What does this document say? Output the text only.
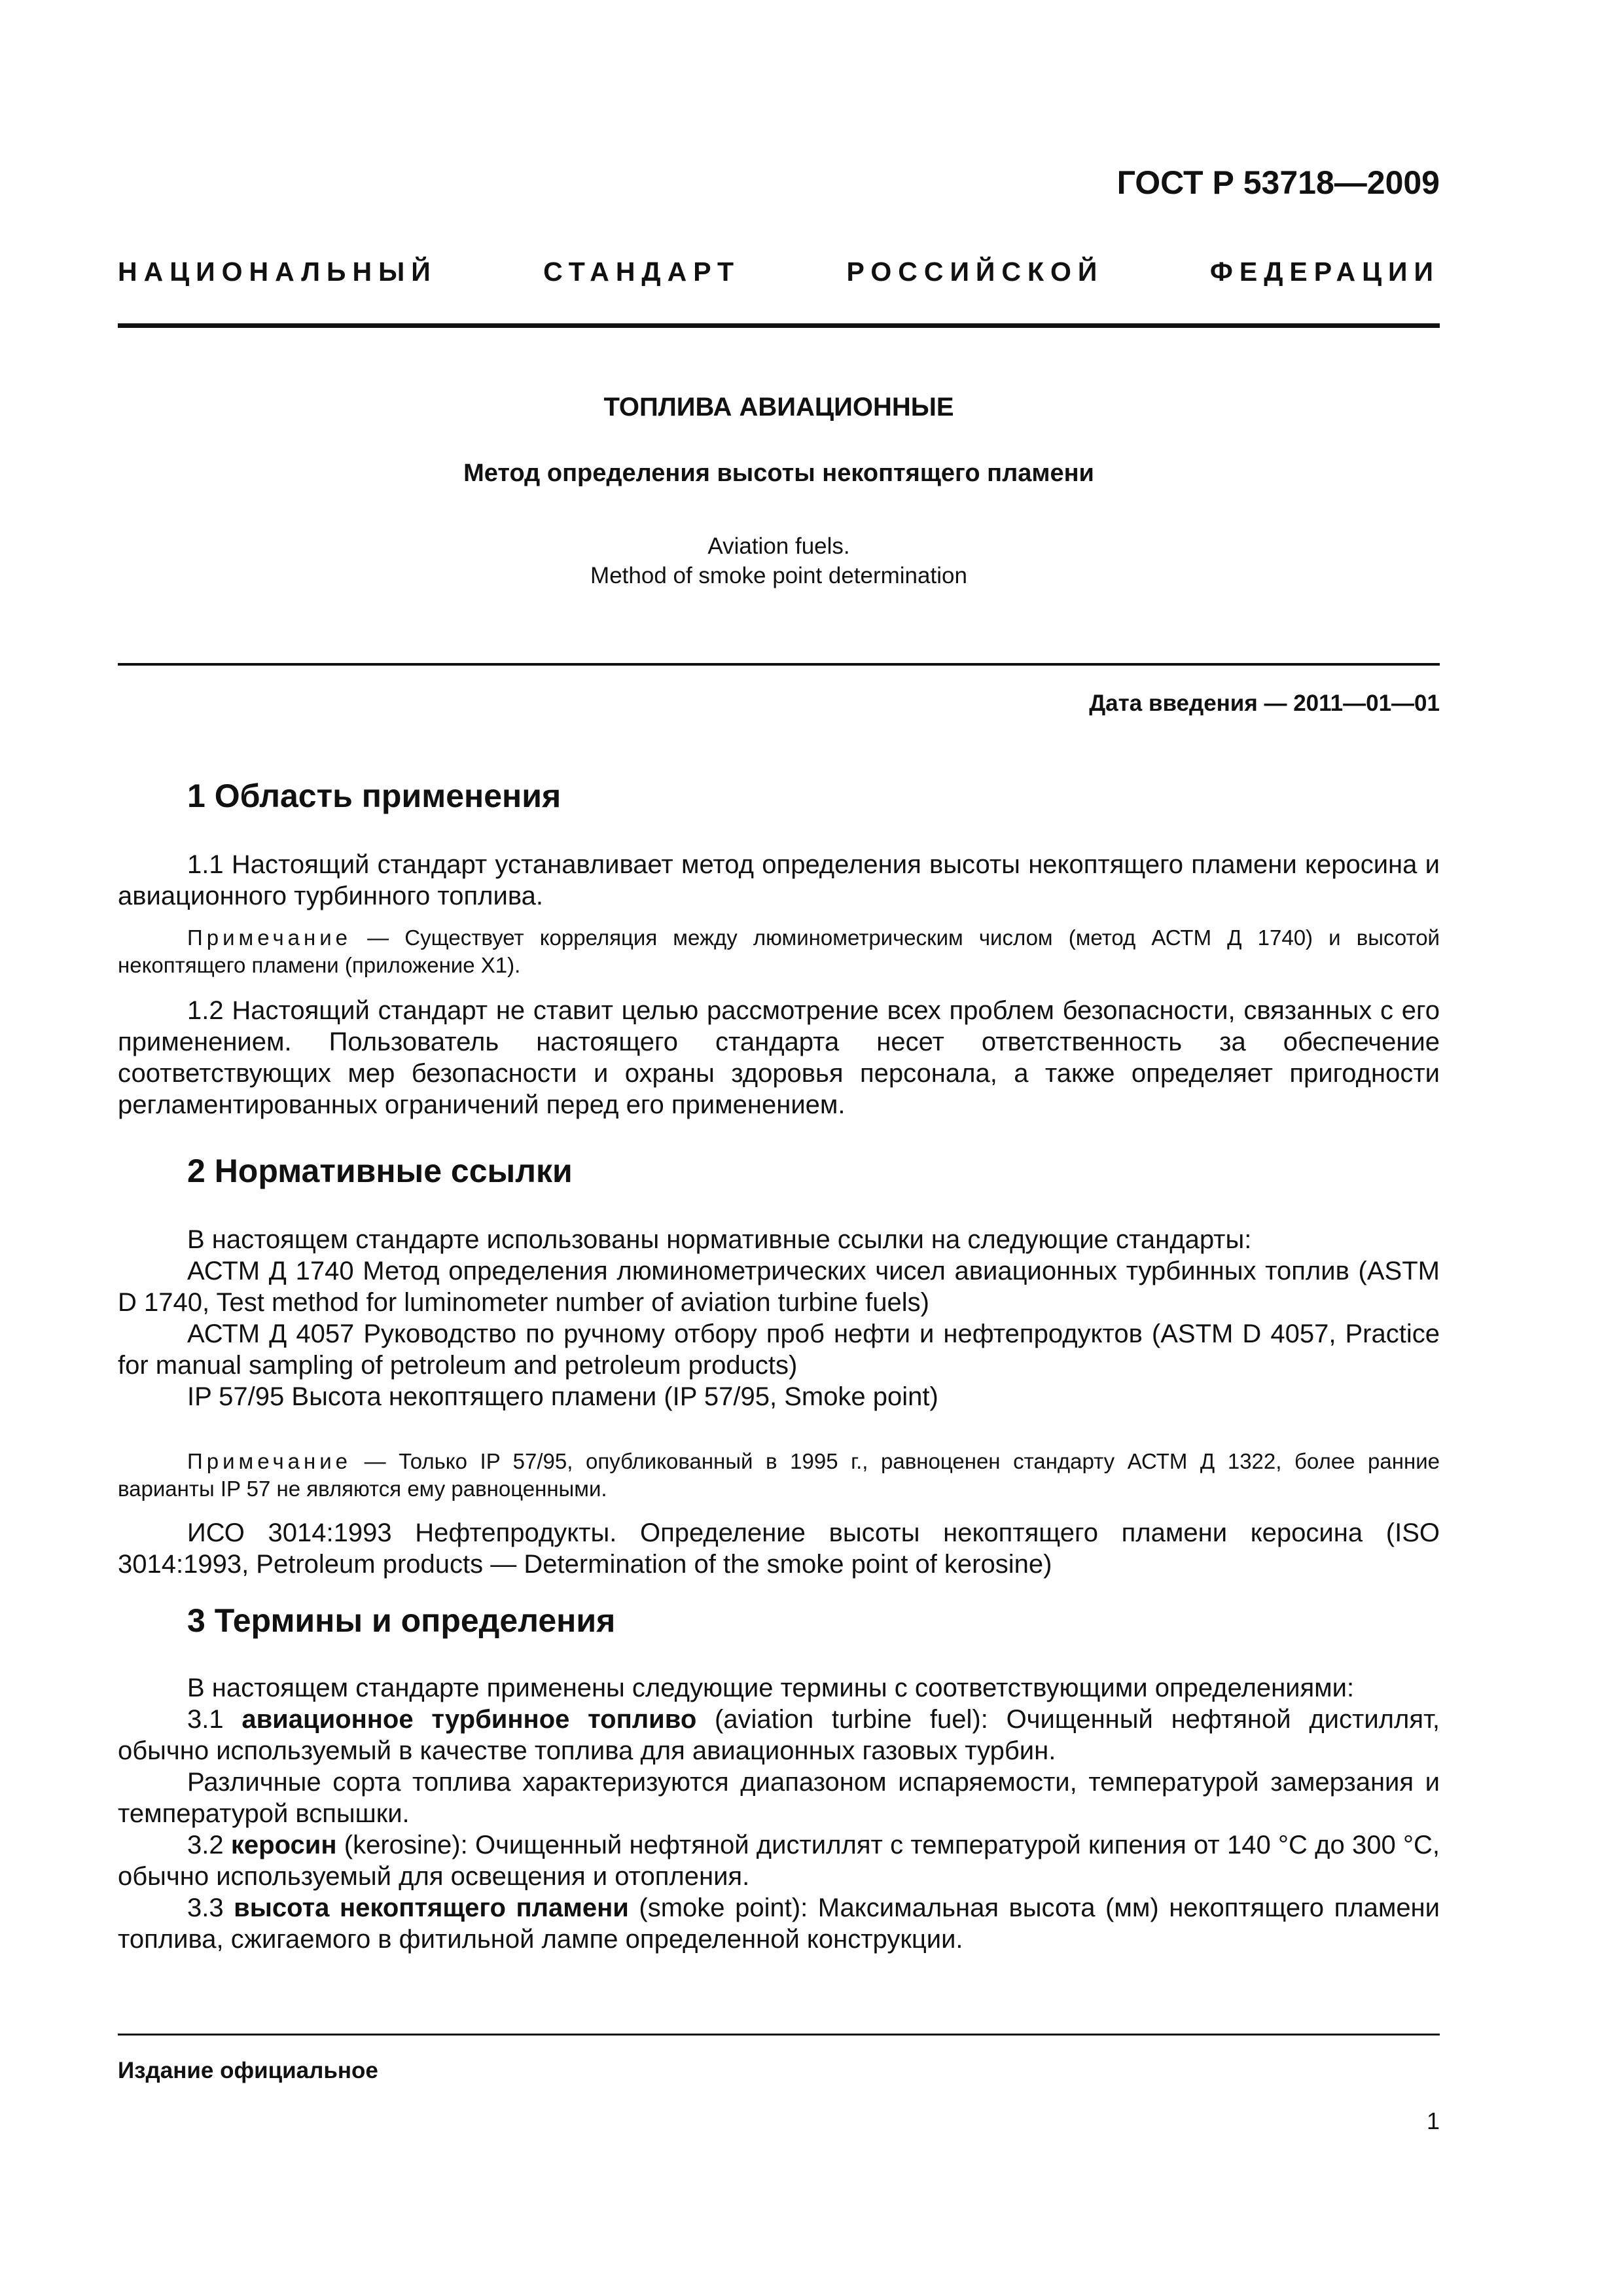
ГОСТ Р 53718—2009
НАЦИОНАЛЬНЫЙ СТАНДАРТ РОССИЙСКОЙ ФЕДЕРАЦИИ
ТОПЛИВА АВИАЦИОННЫЕ
Метод определения высоты некоптящего пламени
Aviation fuels.
Method of smoke point determination
Дата введения — 2011—01—01
1 Область применения

1.1 Настоящий стандарт устанавливает метод определения высоты некоптящего пламени керосина и авиационного турбинного топлива.

Примечание — Существует корреляция между люминометрическим числом (метод АСТМ Д 1740) и высотой некоптящего пламени (приложение Х1).

1.2 Настоящий стандарт не ставит целью рассмотрение всех проблем безопасности, связанных с его применением. Пользователь настоящего стандарта несет ответственность за обеспечение соответствующих мер безопасности и охраны здоровья персонала, а также определяет пригодности регламентированных ограничений перед его применением.

2 Нормативные ссылки

В настоящем стандарте использованы нормативные ссылки на следующие стандарты:

АСТМ Д 1740 Метод определения люминометрических чисел авиационных турбинных топлив (ASTM D 1740, Test method for luminometer number of aviation turbine fuels)

АСТМ Д 4057 Руководство по ручному отбору проб нефти и нефтепродуктов (ASTM D 4057, Practice for manual sampling of petroleum and petroleum products)

IP 57/95 Высота некоптящего пламени (IP 57/95, Smoke point)

Примечание — Только IP 57/95, опубликованный в 1995 г., равноценен стандарту АСТМ Д 1322, более ранние варианты IP 57 не являются ему равноценными.

ИСО 3014:1993 Нефтепродукты. Определение высоты некоптящего пламени керосина (ISO 3014:1993, Petroleum products — Determination of the smoke point of kerosine)

3 Термины и определения

В настоящем стандарте применены следующие термины с соответствующими определениями:

3.1 авиационное турбинное топливо (aviation turbine fuel): Очищенный нефтяной дистиллят, обычно используемый в качестве топлива для авиационных газовых турбин.

Различные сорта топлива характеризуются диапазоном испаряемости, температурой замерзания и температурой вспышки.

3.2 керосин (kerosine): Очищенный нефтяной дистиллят с температурой кипения от 140 °С до 300 °С, обычно используемый для освещения и отопления.

3.3 высота некоптящего пламени (smoke point): Максимальная высота (мм) некоптящего пламени топлива, сжигаемого в фитильной лампе определенной конструкции.

Издание официальное
1
